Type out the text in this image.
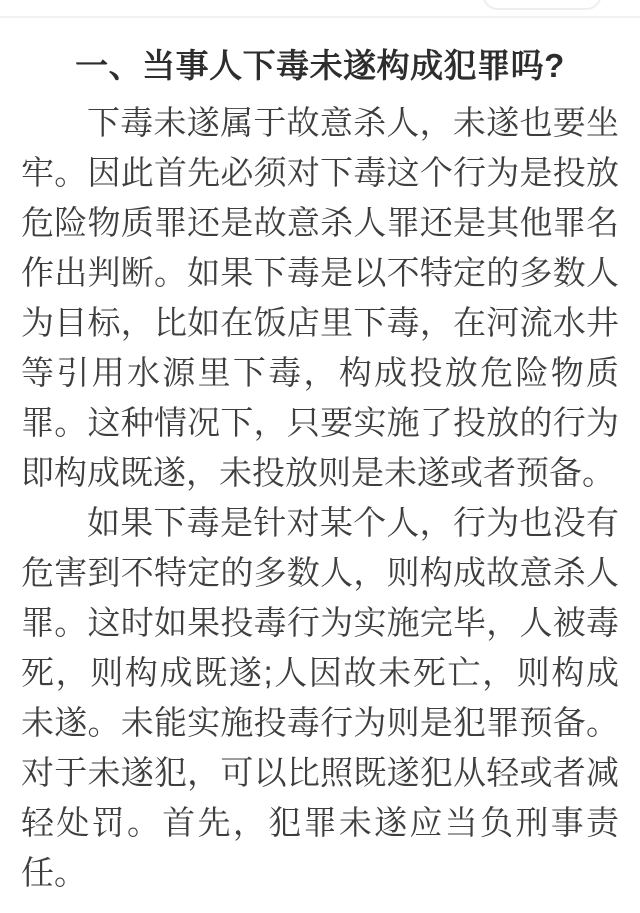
一、当事人下毒未遂构成犯罪吗?

下毒未遂属于故意杀人，未遂也要坐牢。因此首先必须对下毒这个行为是投放危险物质罪还是故意杀人罪还是其他罪名作出判断。如果下毒是以不特定的多数人为目标，比如在饭店里下毒，在河流水井等引用水源里下毒，构成投放危险物质罪。这种情况下，只要实施了投放的行为即构成既遂，未投放则是未遂或者预备。

如果下毒是针对某个人，行为也没有危害到不特定的多数人，则构成故意杀人罪。这时如果投毒行为实施完毕，人被毒死，则构成既遂;人因故未死亡，则构成未遂。未能实施投毒行为则是犯罪预备。对于未遂犯，可以比照既遂犯从轻或者减轻处罚。首先，犯罪未遂应当负刑事责任。
